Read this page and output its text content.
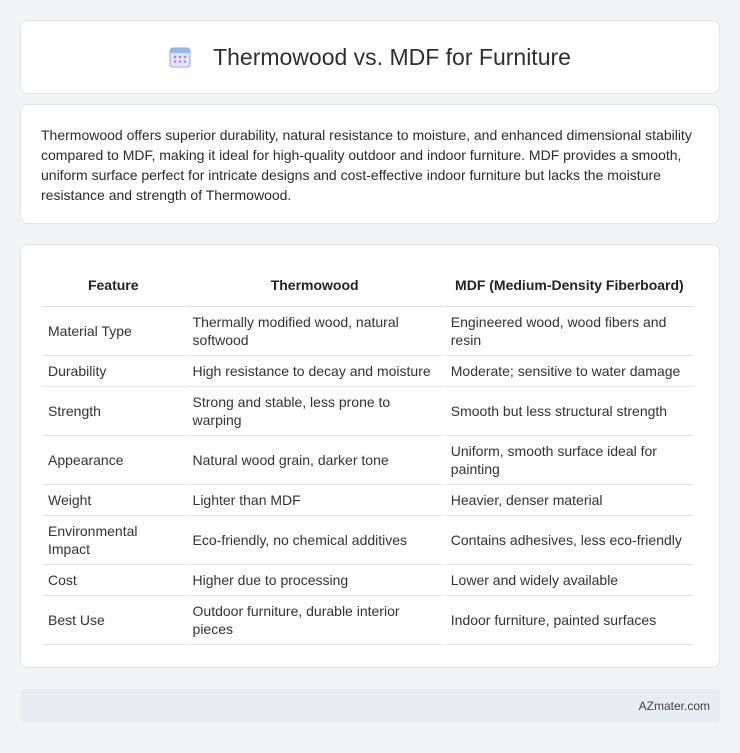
Thermowood vs. MDF for Furniture

Thermowood offers superior durability, natural resistance to moisture, and enhanced dimensional stability compared to MDF, making it ideal for high-quality outdoor and indoor furniture. MDF provides a smooth, uniform surface perfect for intricate designs and cost-effective indoor furniture but lacks the moisture resistance and strength of Thermowood.

Feature	Thermowood	MDF (Medium-Density Fiberboard)
Material Type	Thermally modified wood, natural softwood	Engineered wood, wood fibers and resin
Durability	High resistance to decay and moisture	Moderate; sensitive to water damage
Strength	Strong and stable, less prone to warping	Smooth but less structural strength
Appearance	Natural wood grain, darker tone	Uniform, smooth surface ideal for painting
Weight	Lighter than MDF	Heavier, denser material
Environmental Impact	Eco-friendly, no chemical additives	Contains adhesives, less eco-friendly
Cost	Higher due to processing	Lower and widely available
Best Use	Outdoor furniture, durable interior pieces	Indoor furniture, painted surfaces
AZmater.com
